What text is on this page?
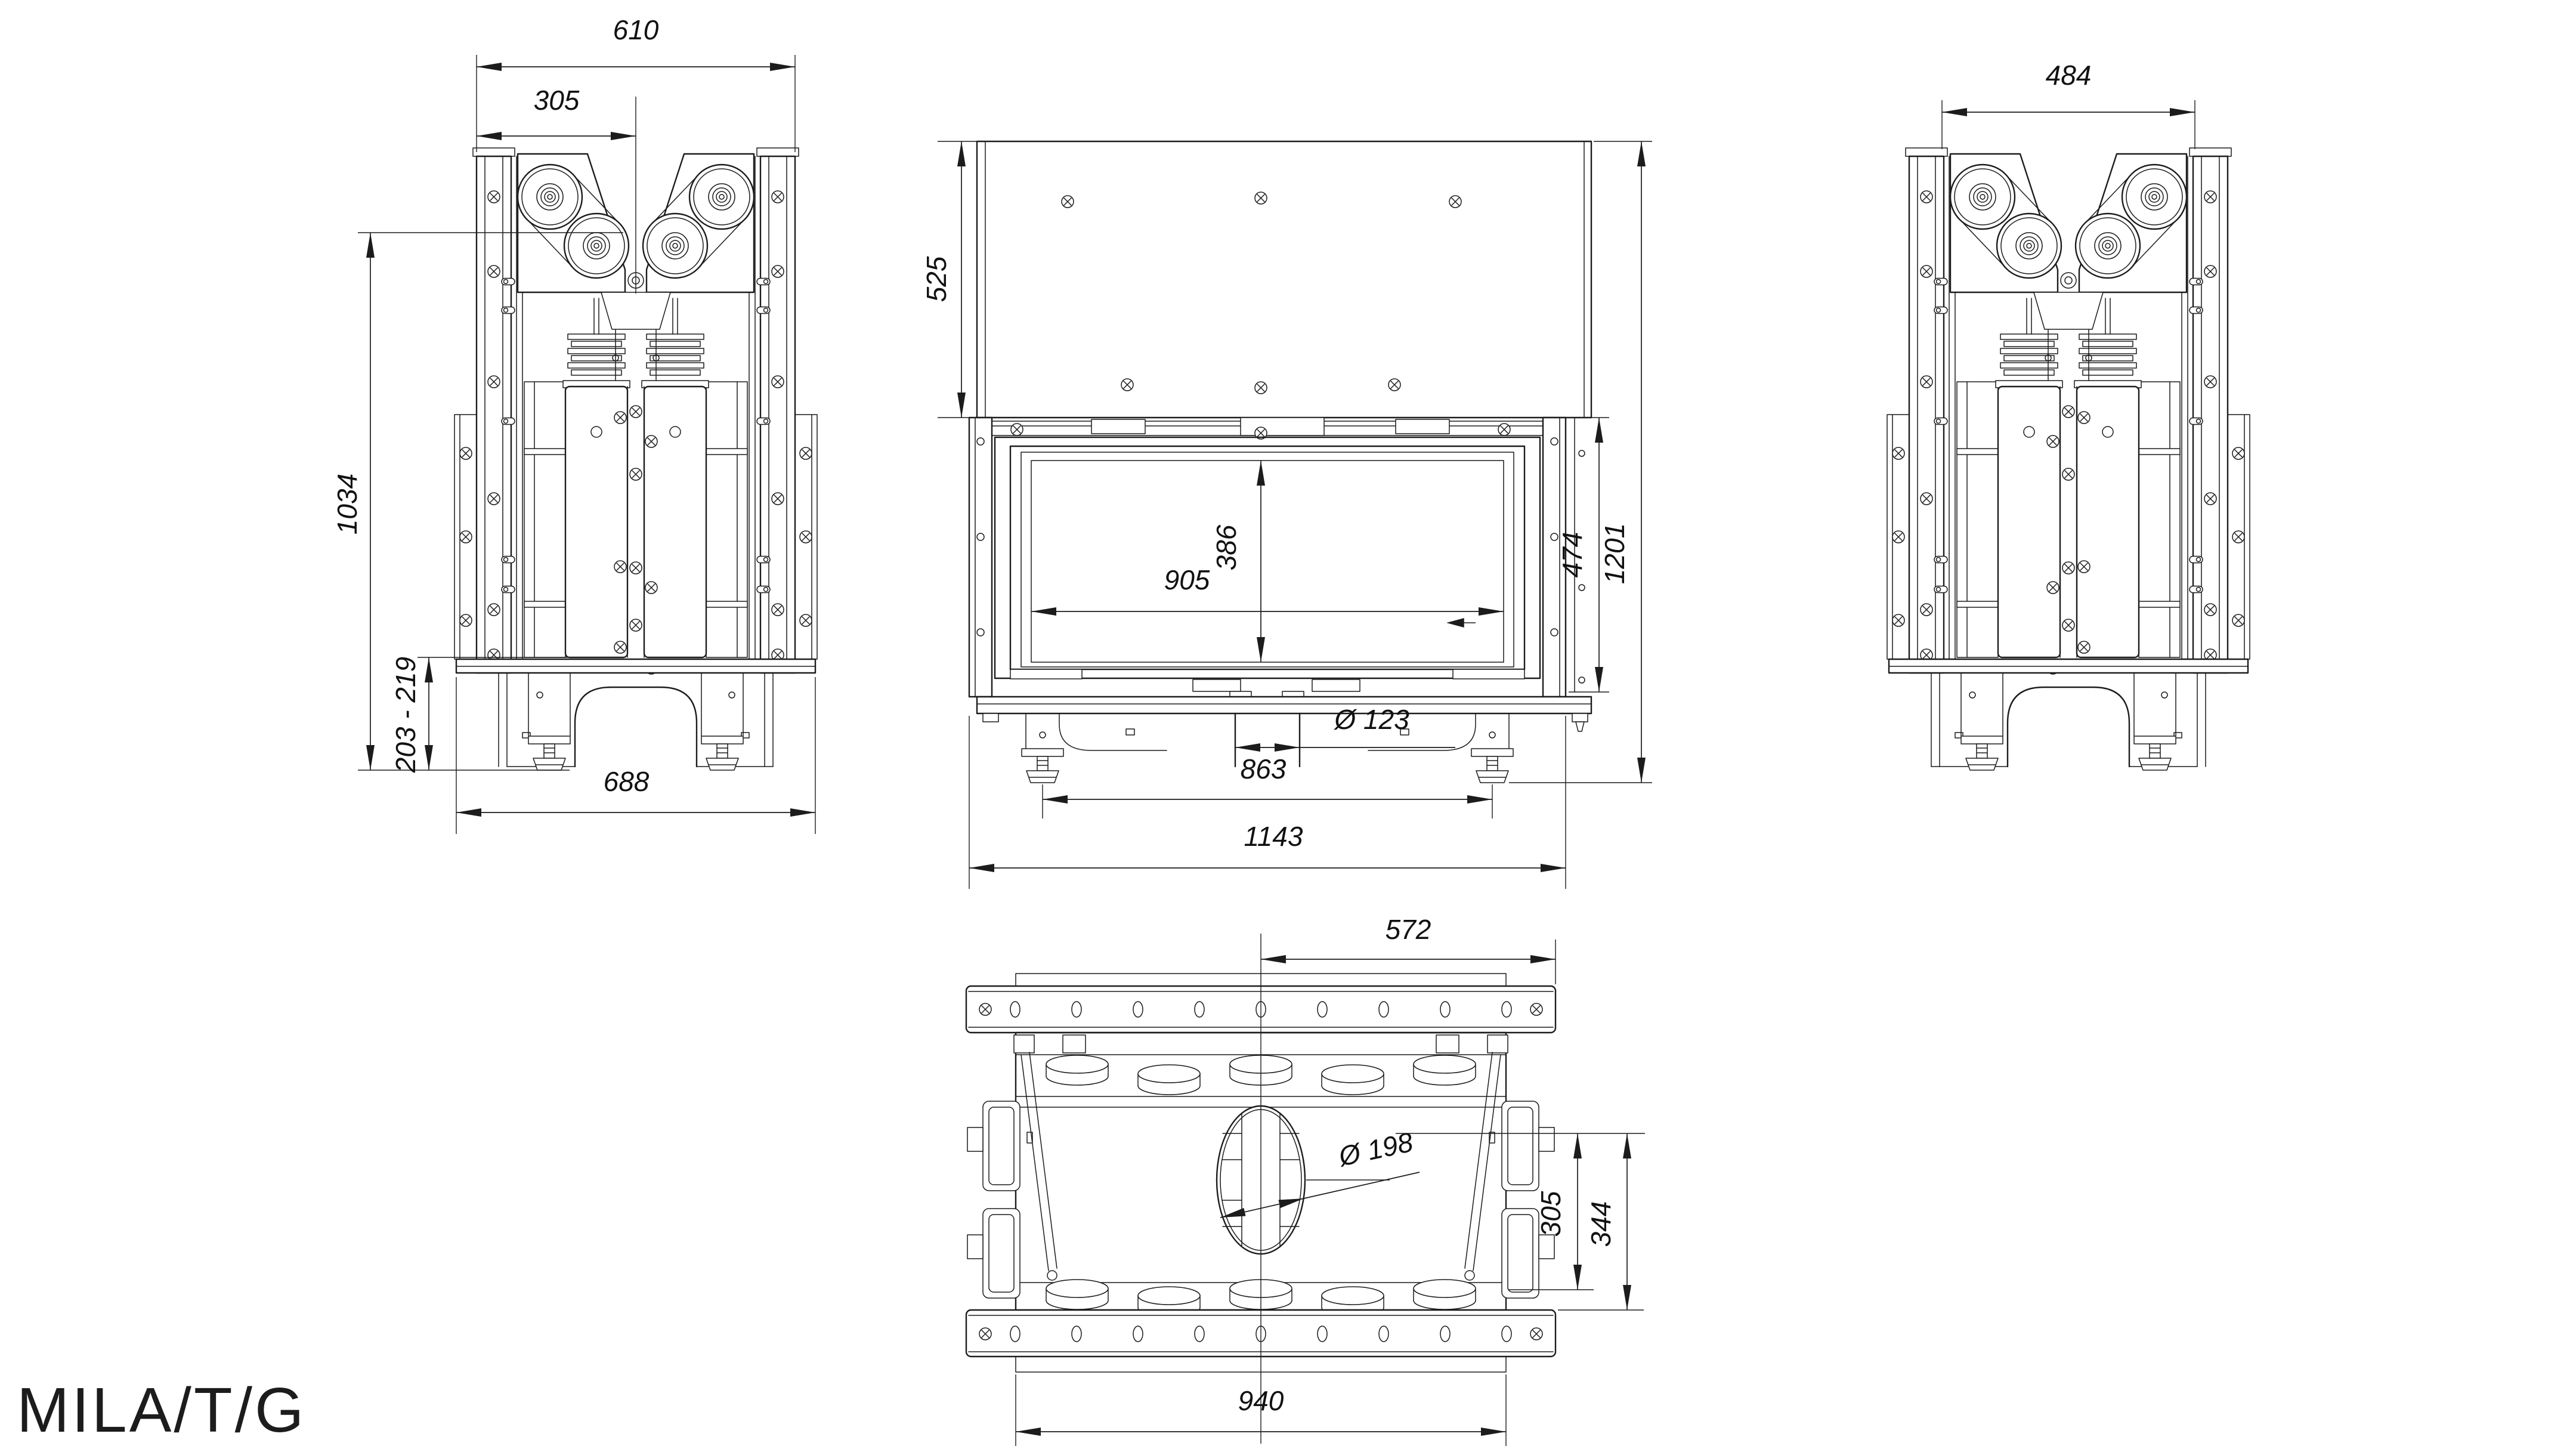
610
305
1034
203 - 219
688
484
525
905
386	474 1201
Ø 123
863
1143
572
Ø 198
305 344
940
MILA/T/G
